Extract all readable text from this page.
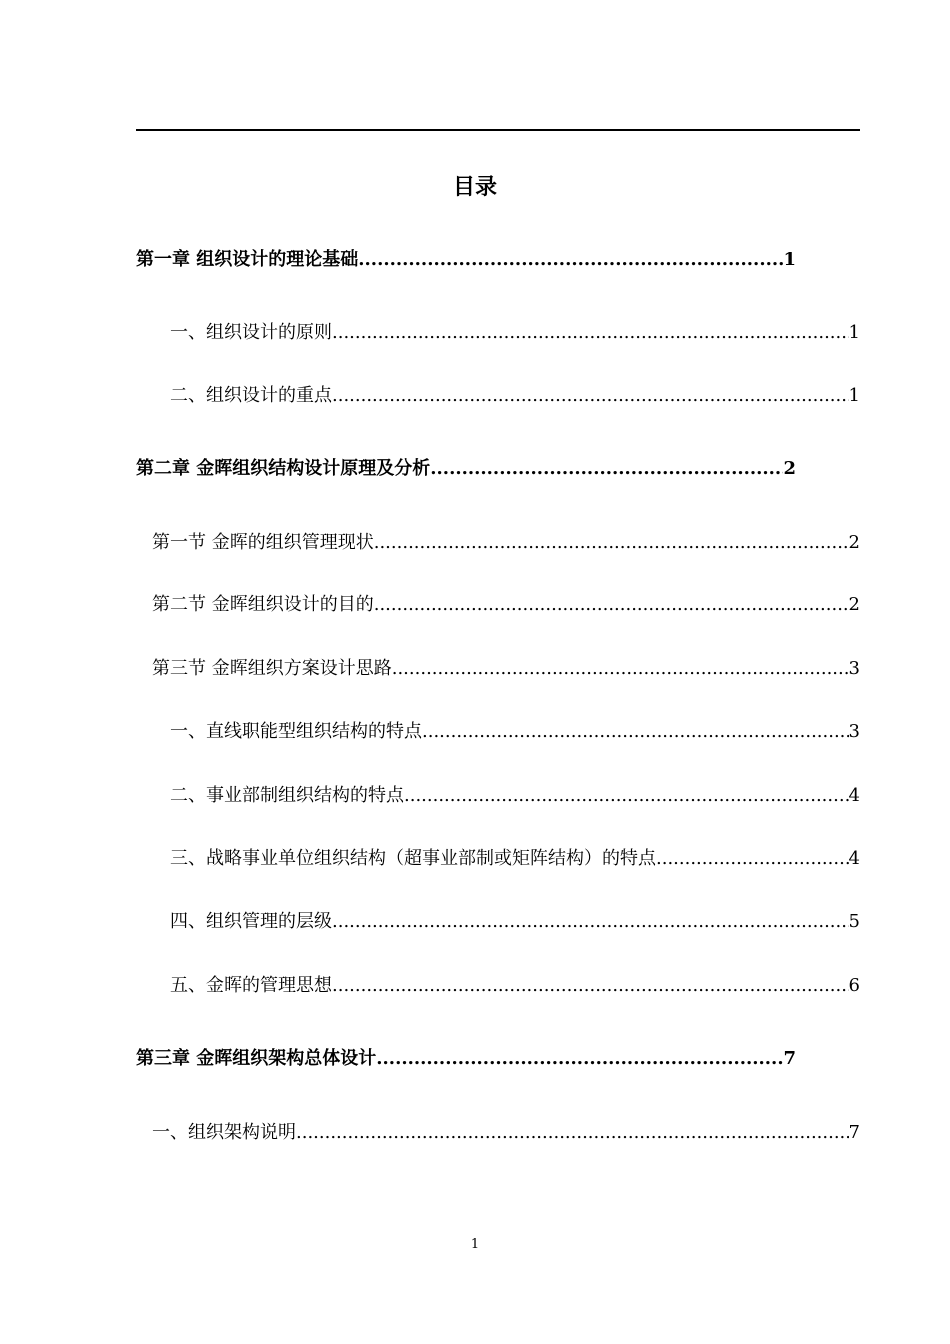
目录
第一章 组织设计的理论基础 .....	1
一、组织设计的原则 .....	1
二、组织设计的重点 .....	1
第二章 金晖组织结构设计原理及分析 .....	2
第一节 金晖的组织管理现状 .....	2
第二节 金晖组织设计的目的 .....	2
第三节 金晖组织方案设计思路 .....	3
一、直线职能型组织结构的特点 .....	3
二、事业部制组织结构的特点 .....	4
三、战略事业单位组织结构（超事业部制或矩阵结构）的特点 .....	4
四、组织管理的层级 .....	5
五、金晖的管理思想 .....	6
第三章 金晖组织架构总体设计 .....	7
一、组织架构说明 .....	7
1
